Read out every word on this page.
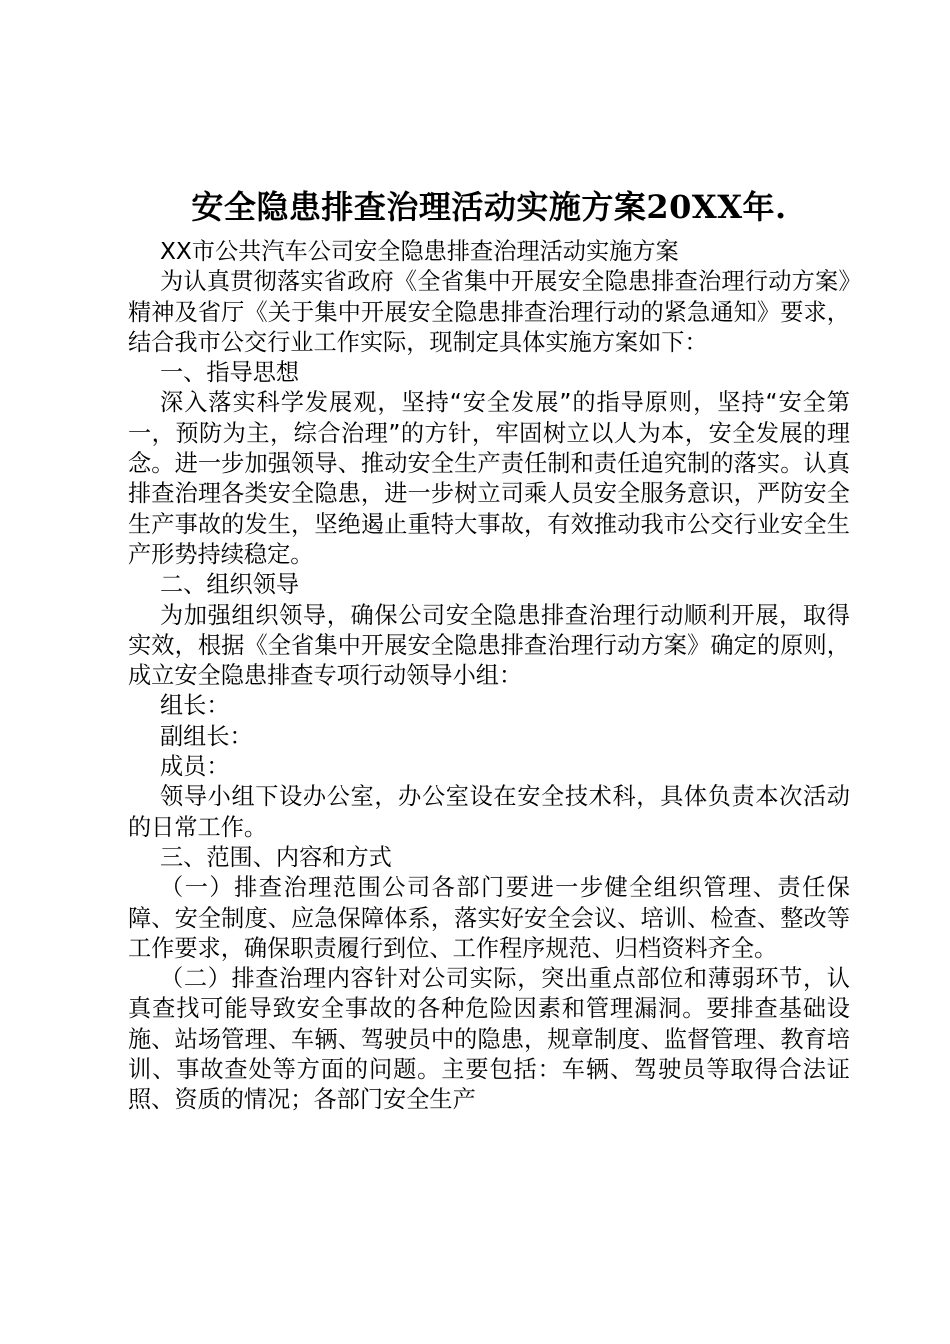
安全隐患排查治理活动实施方案20XX年.

XX市公共汽车公司安全隐患排查治理活动实施方案

为认真贯彻落实省政府《全省集中开展安全隐患排查治理行动方案》精神及省厅《关于集中开展安全隐患排查治理行动的紧急通知》要求，结合我市公交行业工作实际，现制定具体实施方案如下：

一、指导思想

深入落实科学发展观，坚持“安全发展”的指导原则，坚持“安全第一，预防为主，综合治理”的方针，牢固树立以人为本，安全发展的理念。进一步加强领导、推动安全生产责任制和责任追究制的落实。认真排查治理各类安全隐患，进一步树立司乘人员安全服务意识，严防安全生产事故的发生，坚绝遏止重特大事故，有效推动我市公交行业安全生产形势持续稳定。

二、组织领导

为加强组织领导，确保公司安全隐患排查治理行动顺利开展，取得实效，根据《全省集中开展安全隐患排查治理行动方案》确定的原则，成立安全隐患排查专项行动领导小组：

组长：

副组长：

成员：

领导小组下设办公室，办公室设在安全技术科，具体负责本次活动的日常工作。

三、范围、内容和方式

（一）排查治理范围公司各部门要进一步健全组织管理、责任保障、安全制度、应急保障体系，落实好安全会议、培训、检查、整改等工作要求，确保职责履行到位、工作程序规范、归档资料齐全。

（二）排查治理内容针对公司实际，突出重点部位和薄弱环节，认真查找可能导致安全事故的各种危险因素和管理漏洞。要排查基础设施、站场管理、车辆、驾驶员中的隐患，规章制度、监督管理、教育培训、事故查处等方面的问题。主要包括：车辆、驾驶员等取得合法证照、资质的情况；各部门安全生产
